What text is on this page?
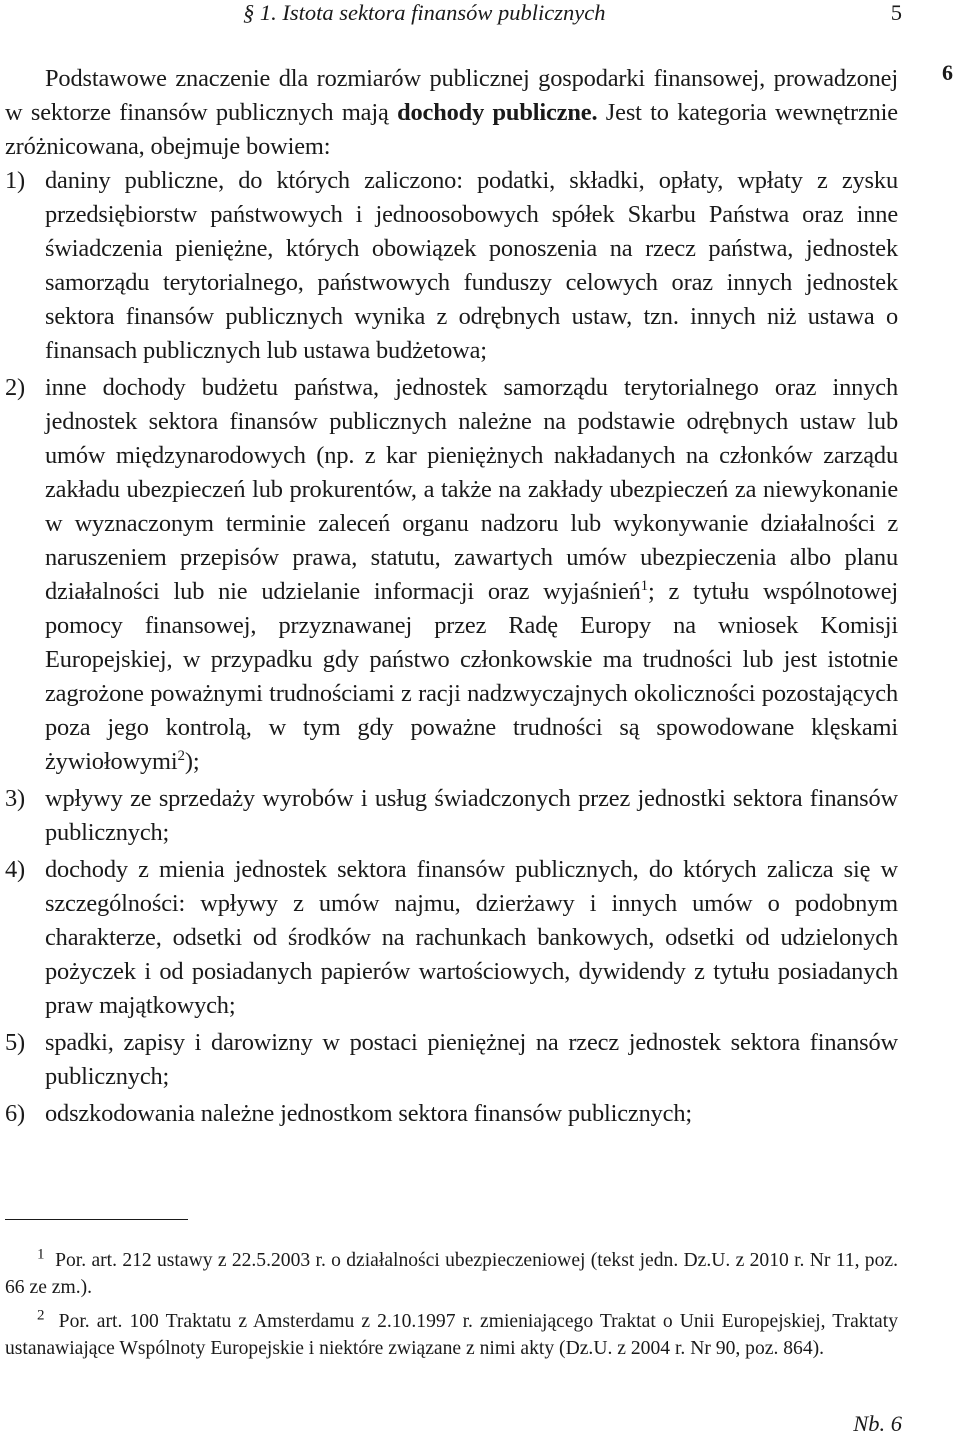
§ 1. Istota sektora finansów publicznych	5
6

Podstawowe znaczenie dla rozmiarów publicznej gospodarki finansowej, prowadzonej w sektorze finansów publicznych mają dochody publiczne. Jest to kategoria wewnętrznie zróżnicowana, obejmuje bowiem:

1) daniny publiczne, do których zaliczono: podatki, składki, opłaty, wpłaty z zysku przedsiębiorstw państwowych i jednoosobowych spółek Skarbu Państwa oraz inne świadczenia pieniężne, których obowiązek ponoszenia na rzecz państwa, jednostek samorządu terytorialnego, państwowych funduszy celowych oraz innych jednostek sektora finansów publicznych wynika z odrębnych ustaw, tzn. innych niż ustawa o finansach publicznych lub ustawa budżetowa;
2) inne dochody budżetu państwa, jednostek samorządu terytorialnego oraz innych jednostek sektora finansów publicznych należne na podstawie odrębnych ustaw lub umów międzynarodowych (np. z kar pieniężnych nakładanych na członków zarządu zakładu ubezpieczeń lub prokurentów, a także na zakłady ubezpieczeń za niewykonanie w wyznaczonym terminie zaleceń organu nadzoru lub wykonywanie działalności z naruszeniem przepisów prawa, statutu, zawartych umów ubezpieczenia albo planu działalności lub nie udzielanie informacji oraz wyjaśnień$^1$; z tytułu wspólnotowej pomocy finansowej, przyznawanej przez Radę Europy na wniosek Komisji Europejskiej, w przypadku gdy państwo członkowskie ma trudności lub jest istotnie zagrożone poważnymi trudnościami z racji nadzwyczajnych okoliczności pozostających poza jego kontrolą, w tym gdy poważne trudności są spowodowane klęskami żywiołowymi$^2$);
3) wpływy ze sprzedaży wyrobów i usług świadczonych przez jednostki sektora finansów publicznych;
4) dochody z mienia jednostek sektora finansów publicznych, do których zalicza się w szczególności: wpływy z umów najmu, dzierżawy i innych umów o podobnym charakterze, odsetki od środków na rachunkach bankowych, odsetki od udzielonych pożyczek i od posiadanych papierów wartościowych, dywidendy z tytułu posiadanych praw majątkowych;
5) spadki, zapisy i darowizny w postaci pieniężnej na rzecz jednostek sektora finansów publicznych;
6) odszkodowania należne jednostkom sektora finansów publicznych;

$^1$ Por. art. 212 ustawy z 22.5.2003 r. o działalności ubezpieczeniowej (tekst jedn. Dz.U. z 2010 r. Nr 11, poz. 66 ze zm.).

$^2$ Por. art. 100 Traktatu z Amsterdamu z 2.10.1997 r. zmieniającego Traktat o Unii Europejskiej, Traktaty ustanawiające Wspólnoty Europejskie i niektóre związane z nimi akty (Dz.U. z 2004 r. Nr 90, poz. 864).

Nb. 6
